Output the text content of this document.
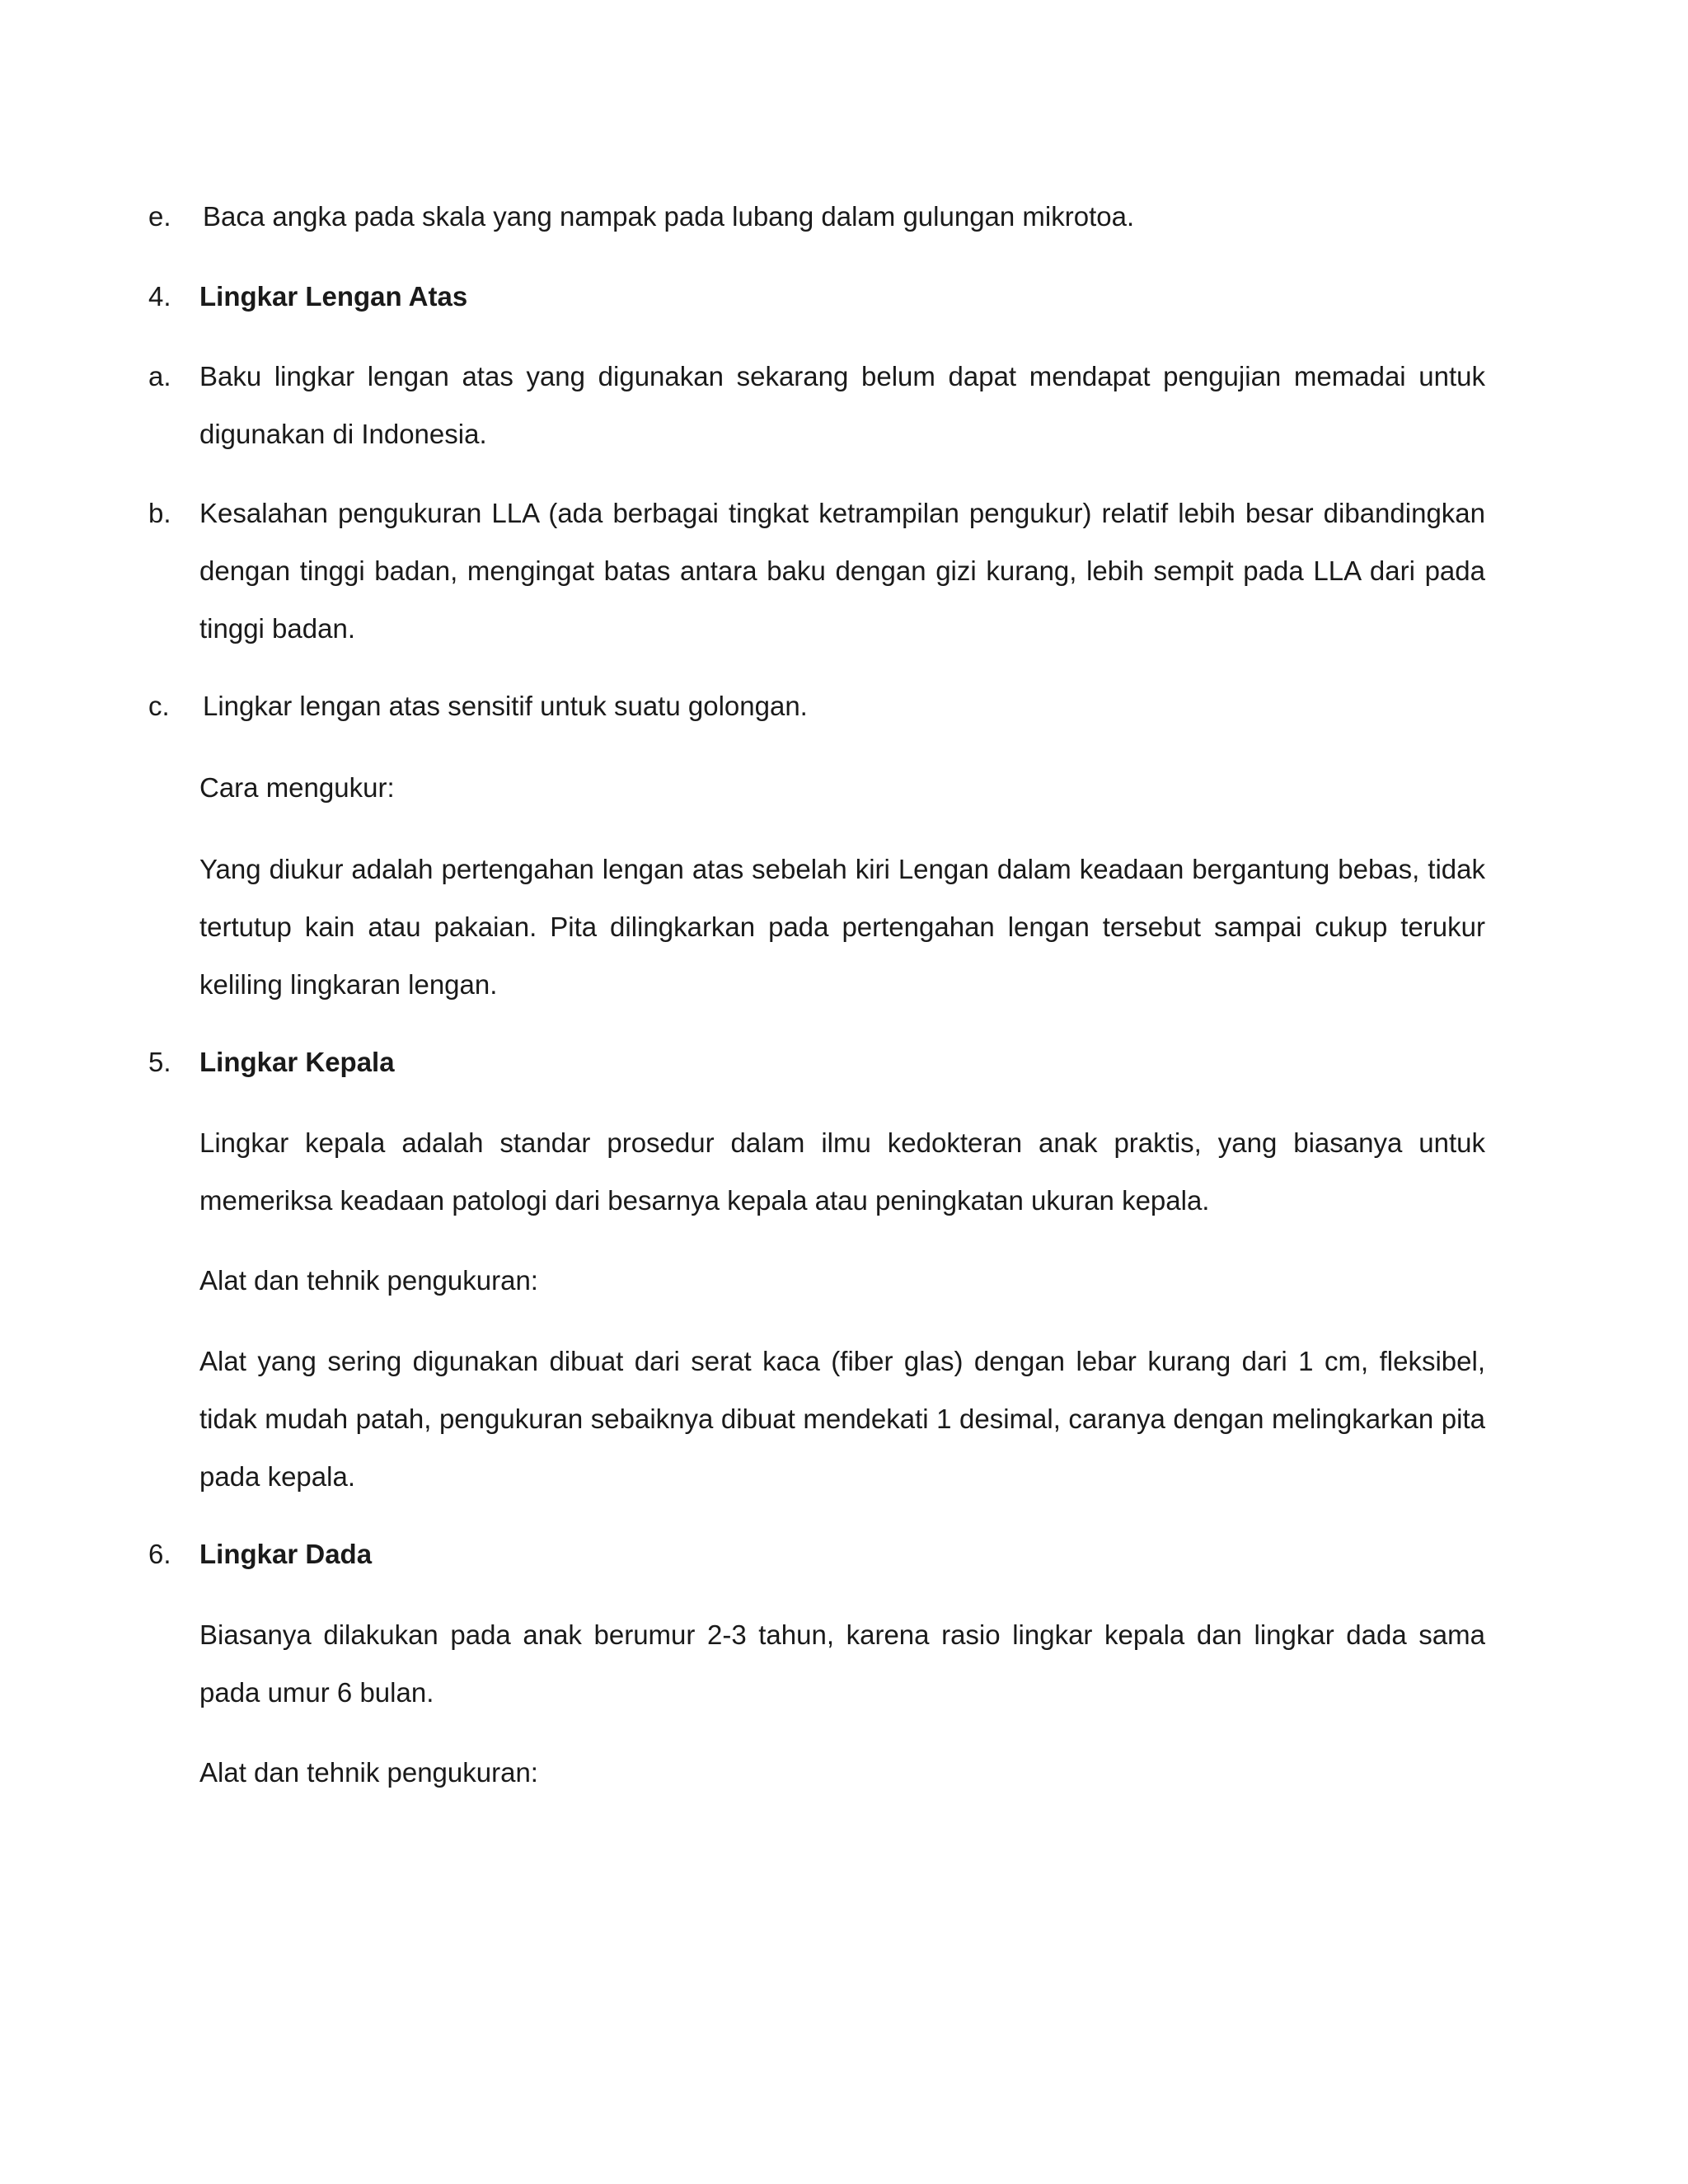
e. Baca angka pada skala yang nampak pada lubang dalam gulungan mikrotoa.
4. Lingkar Lengan Atas
a. Baku lingkar lengan atas yang digunakan sekarang belum dapat mendapat pengujian memadai untuk digunakan di Indonesia.
b. Kesalahan pengukuran LLA (ada berbagai tingkat ketrampilan pengukur) relatif lebih besar dibandingkan dengan tinggi badan, mengingat batas antara baku dengan gizi kurang, lebih sempit pada LLA dari pada tinggi badan.
c. Lingkar lengan atas sensitif untuk suatu golongan.
Cara mengukur:
Yang diukur adalah pertengahan lengan atas sebelah kiri Lengan dalam keadaan bergantung bebas, tidak tertutup kain atau pakaian. Pita dilingkarkan pada pertengahan lengan tersebut sampai cukup terukur keliling lingkaran lengan.
5. Lingkar Kepala
Lingkar kepala adalah standar prosedur dalam ilmu kedokteran anak praktis, yang biasanya untuk memeriksa keadaan patologi dari besarnya kepala atau peningkatan ukuran kepala.
Alat dan tehnik pengukuran:
Alat yang sering digunakan dibuat dari serat kaca (fiber glas) dengan lebar kurang dari 1 cm, fleksibel, tidak mudah patah, pengukuran sebaiknya dibuat mendekati 1 desimal, caranya dengan melingkarkan pita pada kepala.
6. Lingkar Dada
Biasanya dilakukan pada anak berumur 2-3 tahun, karena rasio lingkar kepala dan lingkar dada sama pada umur 6 bulan.
Alat dan tehnik pengukuran:
